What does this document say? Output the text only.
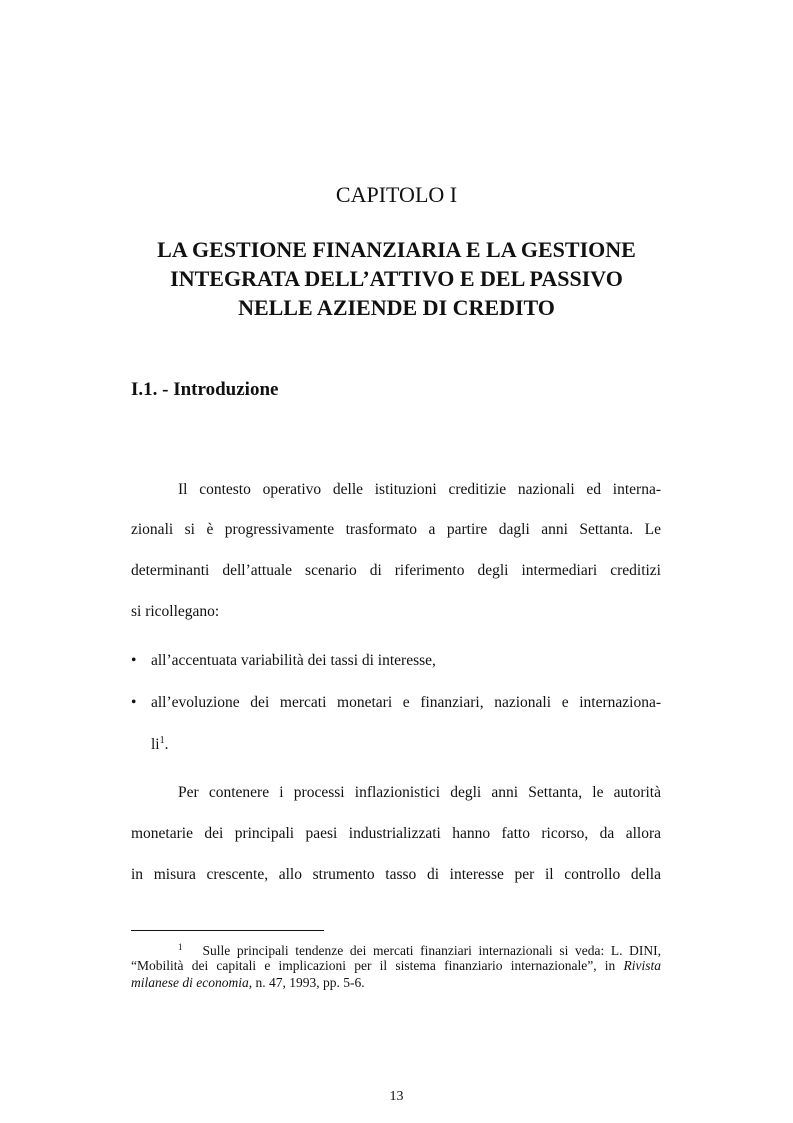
CAPITOLO I
LA GESTIONE FINANZIARIA E LA GESTIONE
INTEGRATA DELL’ATTIVO E DEL PASSIVO
NELLE AZIENDE DI CREDITO
I.1. - Introduzione
Il contesto operativo delle istituzioni creditizie nazionali ed interna-
zionali si è progressivamente trasformato a partire dagli anni Settanta. Le
determinanti dell’attuale scenario di riferimento degli intermediari creditizi
si ricollegano:
• all’accentuata variabilità dei tassi di interesse,
• all’evoluzione dei mercati monetari e finanziari, nazionali e internaziona-
li$^1$.
Per contenere i processi inflazionistici degli anni Settanta, le autorità
monetarie dei principali paesi industrializzati hanno fatto ricorso, da allora
in misura crescente, allo strumento tasso di interesse per il controllo della
$^1$ Sulle principali tendenze dei mercati finanziari internazionali si veda: L. DINI,
“Mobilità dei capitali e implicazioni per il sistema finanziario internazionale”, in Rivista
milanese di economia, n. 47, 1993, pp. 5-6.
13
